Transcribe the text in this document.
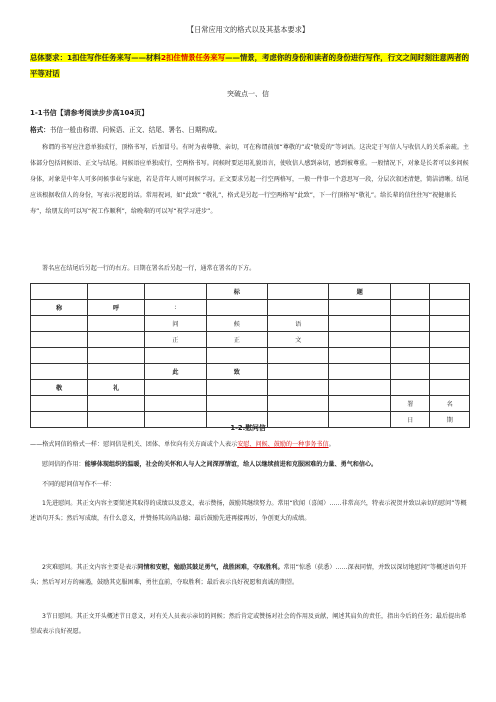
【日常应用文的格式以及其基本要求】
总体要求：1扣住写作任务来写——材料2扣住情景任务来写——情景，考虑你的身份和读者的身份进行写作，行文之间时刻注意两者的平等对话
突破点一、信
1-1书信【请参考阅读步步高104页】
格式：书信一般由称谓、问候语、正文、结尾、署名、日期构成。
称谓的书写应注意单独成行，顶格书写，后加冒号。有时为表尊敬、亲切，可在称谓前加“尊敬的”或“敬爱的”等词语。这决定于写信人与收信人的关系亲疏。主体部分包括问候语、正文与结尾。问候语应单独成行，空两格书写。问候时要运用礼貌语言，使收信人感到亲切，感到被尊重。一般情况下，对象是长者可以多问候身体，对象是中年人可多问候事业与家庭，若是青年人则可问候学习。正文要求另起一行空两格写，一般一件事一个意思写一段，分层次叙述清楚，简洁清晰。结尾应该根据收信人的身份，写表示祝愿的话。常用祝词，如“此致” “敬礼”，格式是另起一行空两格写“此致”，下一行顶格写“敬礼”。给长辈的信往往写“祝健康长寿”，给朋友的可以写“祝工作顺利”，给晚辈的可以写“祝学习进步”。
署名应在结尾后另起一行的右方。日期在署名后另起一行，通常在署名的下方。
			标		题		
称	呼	:					
		问	候	语			
		正	正	文			

		此	致				
敬	礼						
						署	名
						日	期
1-2.慰问信
——格式同信的格式一样：慰问信是机关、团体、单位向有关方面或个人表示安慰、问候、鼓励的一种事务书信。
慰问信的作用：能够体现组织的温暖，社会的关怀和人与人之间深厚情谊，给人以继续前进和克服困难的力量、勇气和信心。
不同的慰问信写作不一样：
1先进慰问。其正文内容主要简述其取得的成绩以及意义，表示赞扬，鼓励其继续努力。常用“欣闻（喜闻）……非常高兴，特表示祝贺并致以亲切的慰问”等概述语句开头；然后写成绩，有什么意义，并赞扬其高尚品德；最后鼓励先进再接再厉，争创更大的成绩。
2灾难慰问。其正文内容主要是表示同情和安慰，勉励其鼓足勇气，战胜困难，夺取胜利。常用“惊悉（获悉）……深表同情，并致以深切地慰问”等概述语句开头；然后写对方的痛遇，鼓励其克服困难，勇往直前，夺取胜利；最后表示良好祝愿和真诚的期望。
3节日慰问。其正文开头概述节日意义，对有关人员表示亲切的问候；然后肯定或赞扬对社会的作用及贡献，阐述其肩负的责任，指出今后的任务；最后提出希望或表示良好祝愿。
